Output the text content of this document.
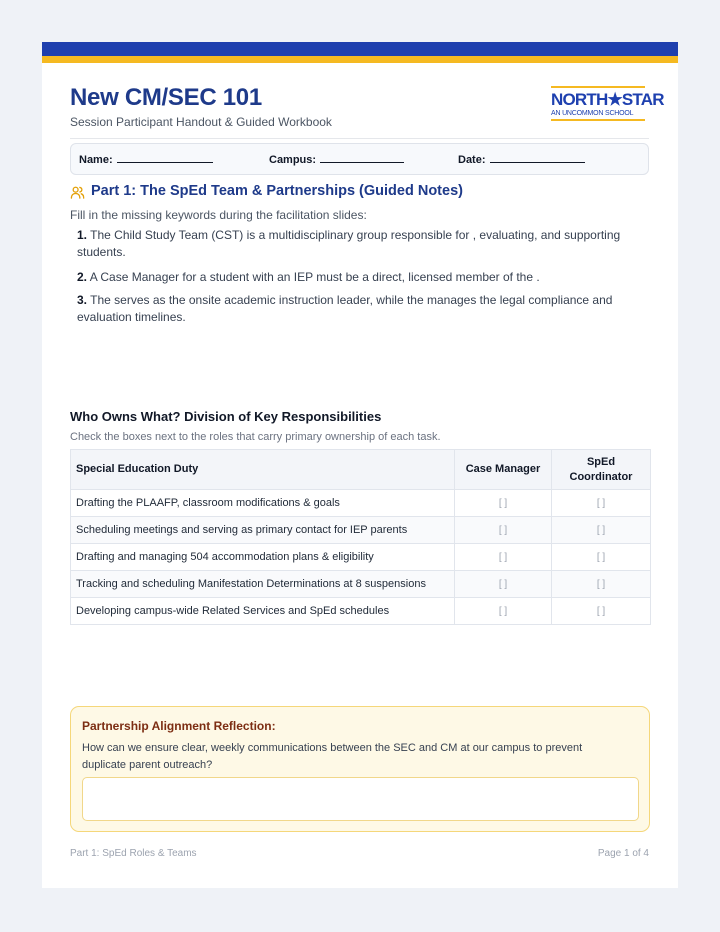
New CM/SEC 101
Session Participant Handout & Guided Workbook
NORTH★STAR
AN UNCOMMON SCHOOL
Name:	Campus:	Date:
Part 1: The SpEd Team & Partnerships (Guided Notes)
Fill in the missing keywords during the facilitation slides:
1. The Child Study Team (CST) is a multidisciplinary group responsible for , evaluating, and supporting students.
2. A Case Manager for a student with an IEP must be a direct, licensed member of the .
3. The serves as the onsite academic instruction leader, while the manages the legal compliance and evaluation timelines.
Who Owns What? Division of Key Responsibilities
Check the boxes next to the roles that carry primary ownership of each task.
Special Education Duty	Case Manager	SpEd Coordinator
Drafting the PLAAFP, classroom modifications & goals	[ ]	[ ]
Scheduling meetings and serving as primary contact for IEP parents	[ ]	[ ]
Drafting and managing 504 accommodation plans & eligibility	[ ]	[ ]
Tracking and scheduling Manifestation Determinations at 8 suspensions	[ ]	[ ]
Developing campus-wide Related Services and SpEd schedules	[ ]	[ ]
Partnership Alignment Reflection:
How can we ensure clear, weekly communications between the SEC and CM at our campus to prevent duplicate parent outreach?
Part 1: SpEd Roles & Teams	Page 1 of 4
